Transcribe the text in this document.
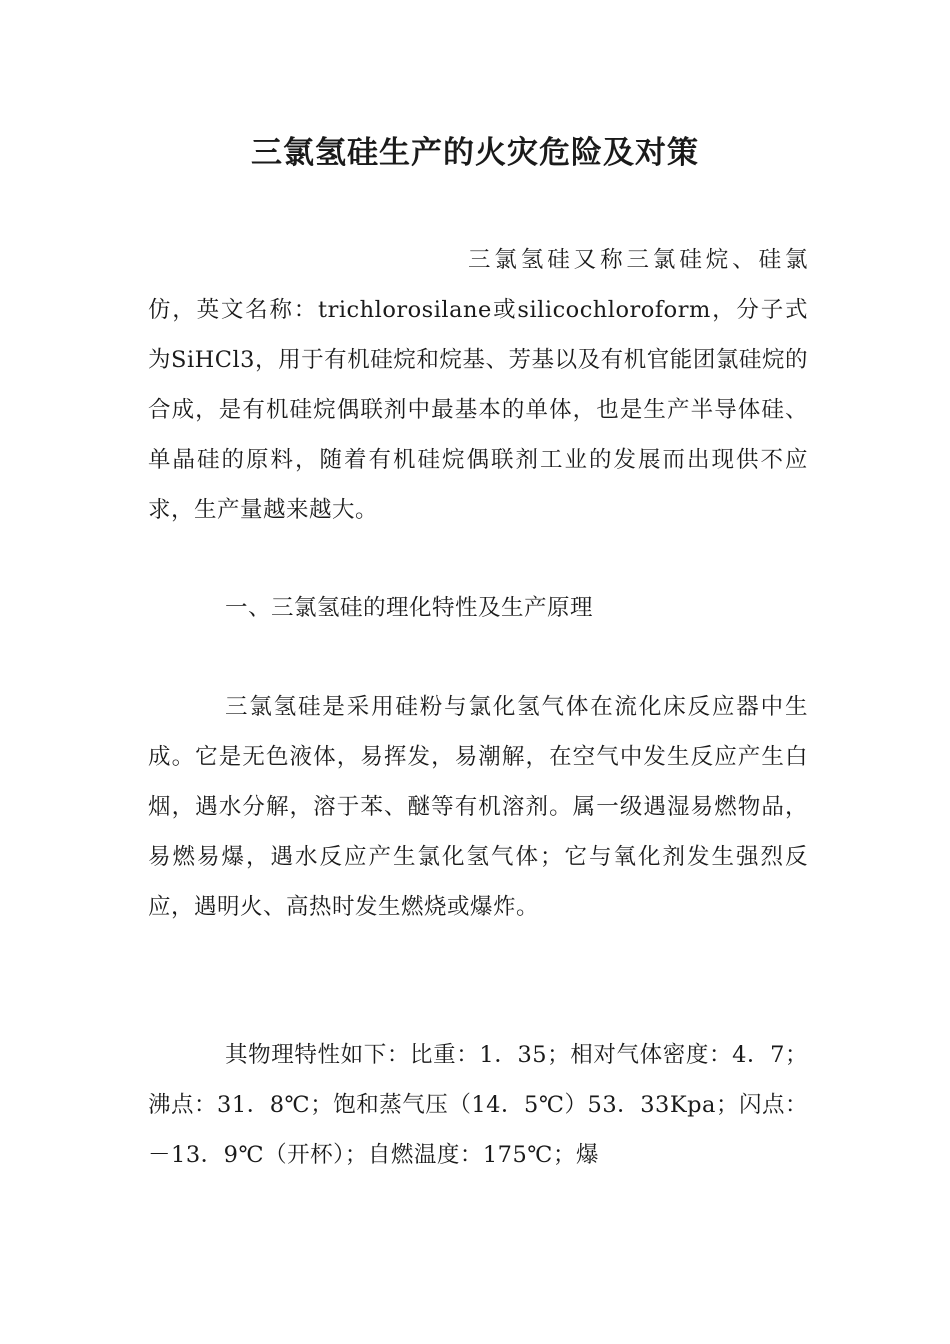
三氯氢硅生产的火灾危险及对策

三氯氢硅又称三氯硅烷、硅氯仿，英文名称：trichlorosilane或silicochloroform，分子式为SiHCl3，用于有机硅烷和烷基、芳基以及有机官能团氯硅烷的合成，是有机硅烷偶联剂中最基本的单体，也是生产半导体硅、单晶硅的原料，随着有机硅烷偶联剂工业的发展而出现供不应求，生产量越来越大。

一、三氯氢硅的理化特性及生产原理

三氯氢硅是采用硅粉与氯化氢气体在流化床反应器中生成。它是无色液体，易挥发，易潮解，在空气中发生反应产生白烟，遇水分解，溶于苯、醚等有机溶剂。属一级遇湿易燃物品，易燃易爆，遇水反应产生氯化氢气体；它与氧化剂发生强烈反应，遇明火、高热时发生燃烧或爆炸。

其物理特性如下：比重：1．35；相对气体密度：4．7；沸点：31．8℃；饱和蒸气压（14．5℃）53．33Kpa；闪点：－13．9℃（开杯）；自燃温度：175℃；爆
